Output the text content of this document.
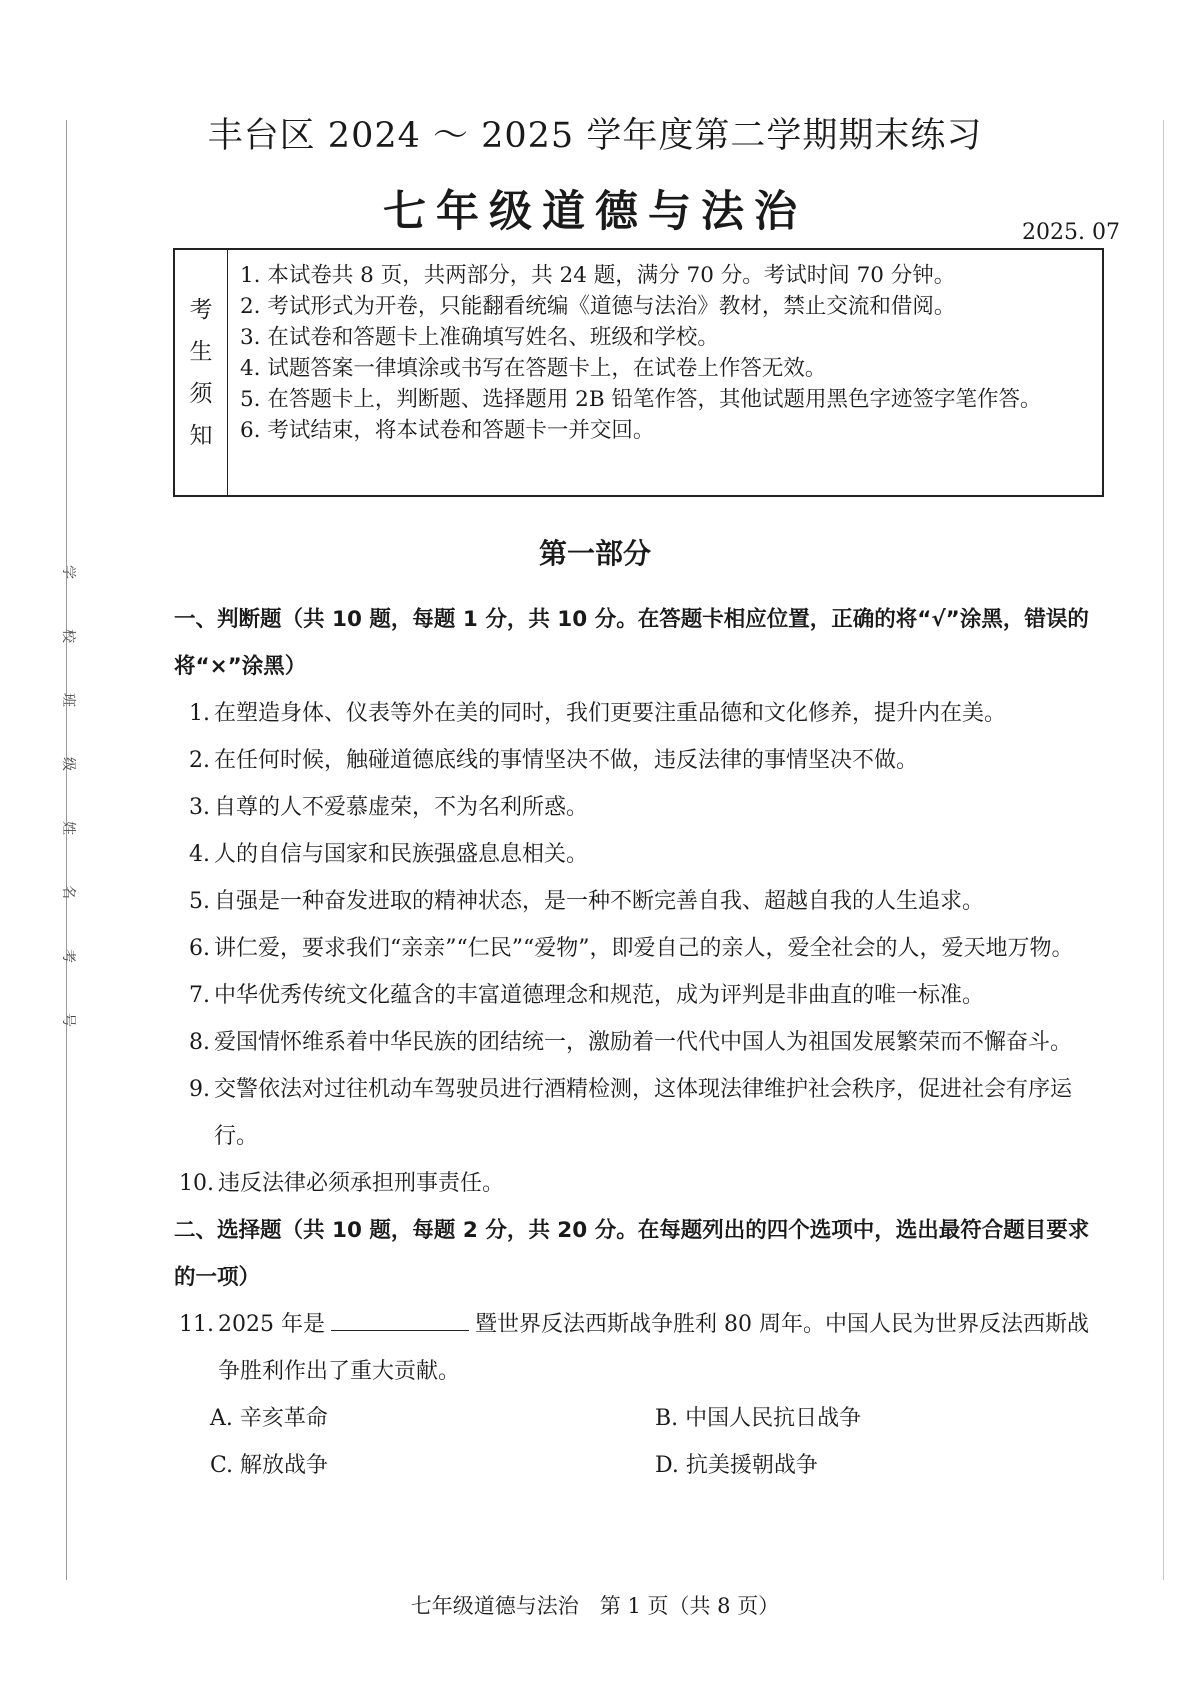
学
校
班
级
姓
名
考
号
丰台区 2024 ～ 2025 学年度第二学期期末练习
七年级道德与法治	2025. 07
考
生
须
知
1. 本试卷共 8 页，共两部分，共 24 题，满分 70 分。考试时间 70 分钟。
2. 考试形式为开卷，只能翻看统编《道德与法治》教材，禁止交流和借阅。
3. 在试卷和答题卡上准确填写姓名、班级和学校。
4. 试题答案一律填涂或书写在答题卡上，在试卷上作答无效。
5. 在答题卡上，判断题、选择题用 2B 铅笔作答，其他试题用黑色字迹签字笔作答。
6. 考试结束，将本试卷和答题卡一并交回。
第一部分
一、判断题（共 10 题，每题 1 分，共 10 分。在答题卡相应位置，正确的将“√”涂黑，错误的将“×”涂黑）
1. 在塑造身体、仪表等外在美的同时，我们更要注重品德和文化修养，提升内在美。
2. 在任何时候，触碰道德底线的事情坚决不做，违反法律的事情坚决不做。
3. 自尊的人不爱慕虚荣，不为名利所惑。
4. 人的自信与国家和民族强盛息息相关。
5. 自强是一种奋发进取的精神状态，是一种不断完善自我、超越自我的人生追求。
6. 讲仁爱，要求我们“亲亲”“仁民”“爱物”，即爱自己的亲人，爱全社会的人，爱天地万物。
7. 中华优秀传统文化蕴含的丰富道德理念和规范，成为评判是非曲直的唯一标准。
8. 爱国情怀维系着中华民族的团结统一，激励着一代代中国人为祖国发展繁荣而不懈奋斗。
9. 交警依法对过往机动车驾驶员进行酒精检测，这体现法律维护社会秩序，促进社会有序运行。
10. 违反法律必须承担刑事责任。
二、选择题（共 10 题，每题 2 分，共 20 分。在每题列出的四个选项中，选出最符合题目要求的一项）
11. 2025 年是	暨世界反法西斯战争胜利 80 周年。中国人民为世界反法西斯战争胜利作出了重大贡献。
A. 辛亥革命	B. 中国人民抗日战争
C. 解放战争	D. 抗美援朝战争
七年级道德与法治　第 1 页（共 8 页）
